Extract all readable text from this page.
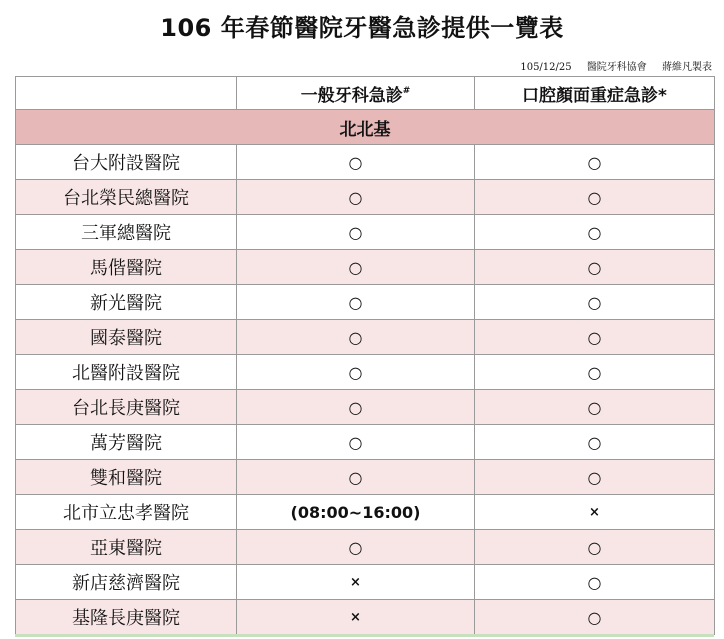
106 年春節醫院牙醫急診提供一覽表
105/12/25 醫院牙科協會 蔣維凡製表
	一般牙科急診#	口腔顏面重症急診*
北北基		
台大附設醫院	○	○
台北榮民總醫院	○	○
三軍總醫院	○	○
馬偕醫院	○	○
新光醫院	○	○
國泰醫院	○	○
北醫附設醫院	○	○
台北長庚醫院	○	○
萬芳醫院	○	○
雙和醫院	○	○
北市立忠孝醫院	(08:00~16:00)	×
亞東醫院	○	○
新店慈濟醫院	×	○
基隆長庚醫院	×	○
